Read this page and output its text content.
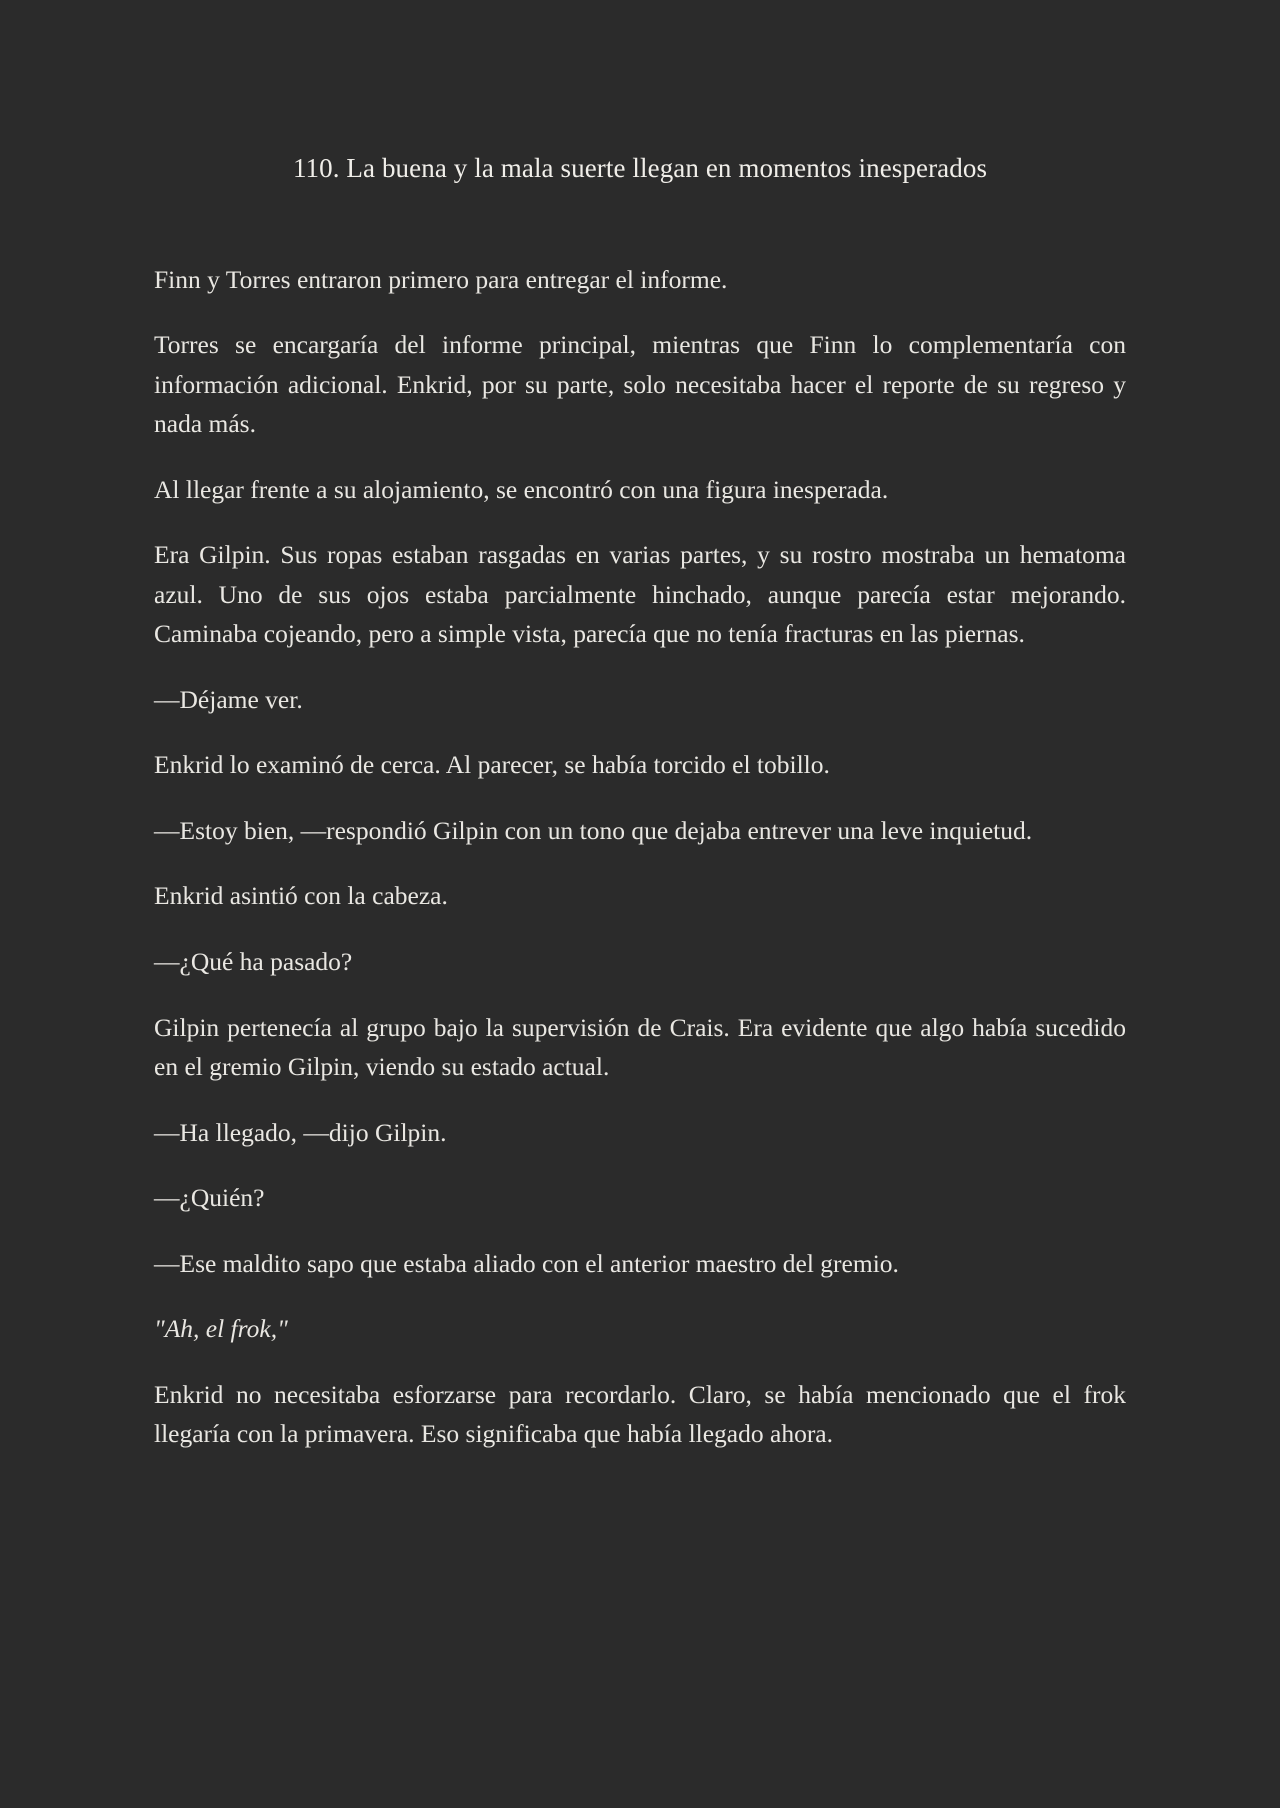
110. La buena y la mala suerte llegan en momentos inesperados

Finn y Torres entraron primero para entregar el informe.

Torres se encargaría del informe principal, mientras que Finn lo complementaría con información adicional. Enkrid, por su parte, solo necesitaba hacer el reporte de su regreso y nada más.

Al llegar frente a su alojamiento, se encontró con una figura inesperada.

Era Gilpin. Sus ropas estaban rasgadas en varias partes, y su rostro mostraba un hematoma azul. Uno de sus ojos estaba parcialmente hinchado, aunque parecía estar mejorando. Caminaba cojeando, pero a simple vista, parecía que no tenía fracturas en las piernas.

—Déjame ver.

Enkrid lo examinó de cerca. Al parecer, se había torcido el tobillo.

—Estoy bien, —respondió Gilpin con un tono que dejaba entrever una leve inquietud.

Enkrid asintió con la cabeza.

—¿Qué ha pasado?

Gilpin pertenecía al grupo bajo la supervisión de Crais. Era evidente que algo había sucedido en el gremio Gilpin, viendo su estado actual.

—Ha llegado, —dijo Gilpin.

—¿Quién?

—Ese maldito sapo que estaba aliado con el anterior maestro del gremio.

"Ah, el frok,"

Enkrid no necesitaba esforzarse para recordarlo. Claro, se había mencionado que el frok llegaría con la primavera. Eso significaba que había llegado ahora.
